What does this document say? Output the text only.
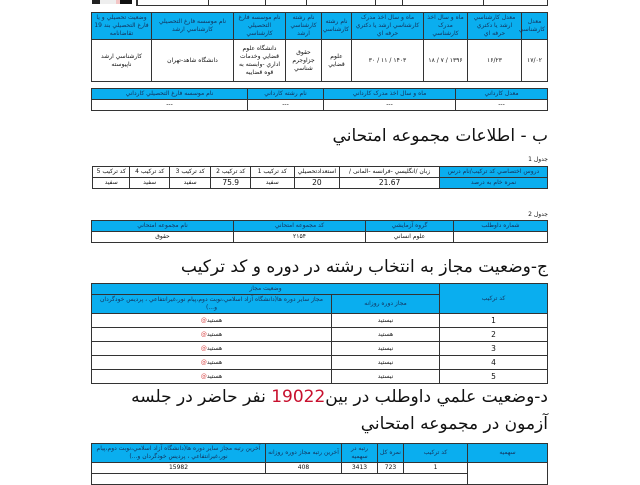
معدل کارشناسي	معدل کارشناسي ارشد يا دکتري حرفه اي	ماه و سال اخذ مدرک کارشناسي	ماه و سال اخذ مدرک کارشناسي ارشد يا دکتري حرفه اي	نام رشته کارشناسي	نام رشته کارشناسي ارشد	نام موسسه فارغ التحصيلي کارشناسي	نام موسسه فارغ التحصيلي کارشناسي ارشد	وضعيت تحصيلي و يا فارغ التحصيلي بند 19 تقاضانامه
۱۷/۰۲	۱۶/۲۳	۱۳۹۶ / ۷ / ۱۸	۱۴۰۳ / ۱۱ / ۳۰	علوم قضايي	حقوق جزاوجرم شناسي	دانشگاه علوم قضايي وخدمات اداري -وابسته به قوه قضاييه	دانشگاه شاهد-تهران	کارشناسي ارشد ناپيوسته
معدل کارداني	ماه و سال اخذ مدرک کارداني	نام رشته کارداني	نام موسسه فارغ التحصيلي کارداني
---	---	---	---
ب - اطلاعات مجموعه امتحاني
جدول 1
دروس اختصاصي کد ترکيب/نام درس	زبان /انگليسي -فرانسه -المانی /	استعدادتحصيلي	کد ترکيب 1	کد ترکيب 2	کد ترکيب 3	کد ترکيب 4	کد ترکيب 5
نمره خام به درصد	21.67	20	سفيد	75.9	سفيد	سفيد	سفيد
جدول 2
شماره داوطلب	گروه آزمايشي	کد مجموعه امتحاني	نام مجموعه امتحاني
	علوم انساني	۲۱۵۴	حقوق
ج-وضعيت مجاز به انتخاب رشته در دوره و کد ترکيب
کد ترکيب	وضعيت مجاز	
	مجاز دوره روزانه	مجاز ساير دوره ها(دانشگاه آزاد اسلامي،نوبت دوم،پيام نور،غيرانتفاعي ، پرديس خودگردان و...)
1	نيستيد	هستيد@
2	هستيد	هستيد@
3	نيستيد	هستيد@
4	نيستيد	هستيد@
5	نيستيد	هستيد@
د-وضعيت علمي داوطلب در بين19022 نفر حاضر در جلسه
آزمون در مجموعه امتحاني
سهميه	کد ترکيب	نمره کل	رتبه در سهميه	آخرين رتبه مجاز دوره روزانه	آخرين رتبه مجاز ساير دوره ها(دانشگاه آزاد اسلامي،نوبت دوم،پيام نور،غيرانتفاعي ، پرديس خودگردان و...)
	1	723	3413	408	15982
